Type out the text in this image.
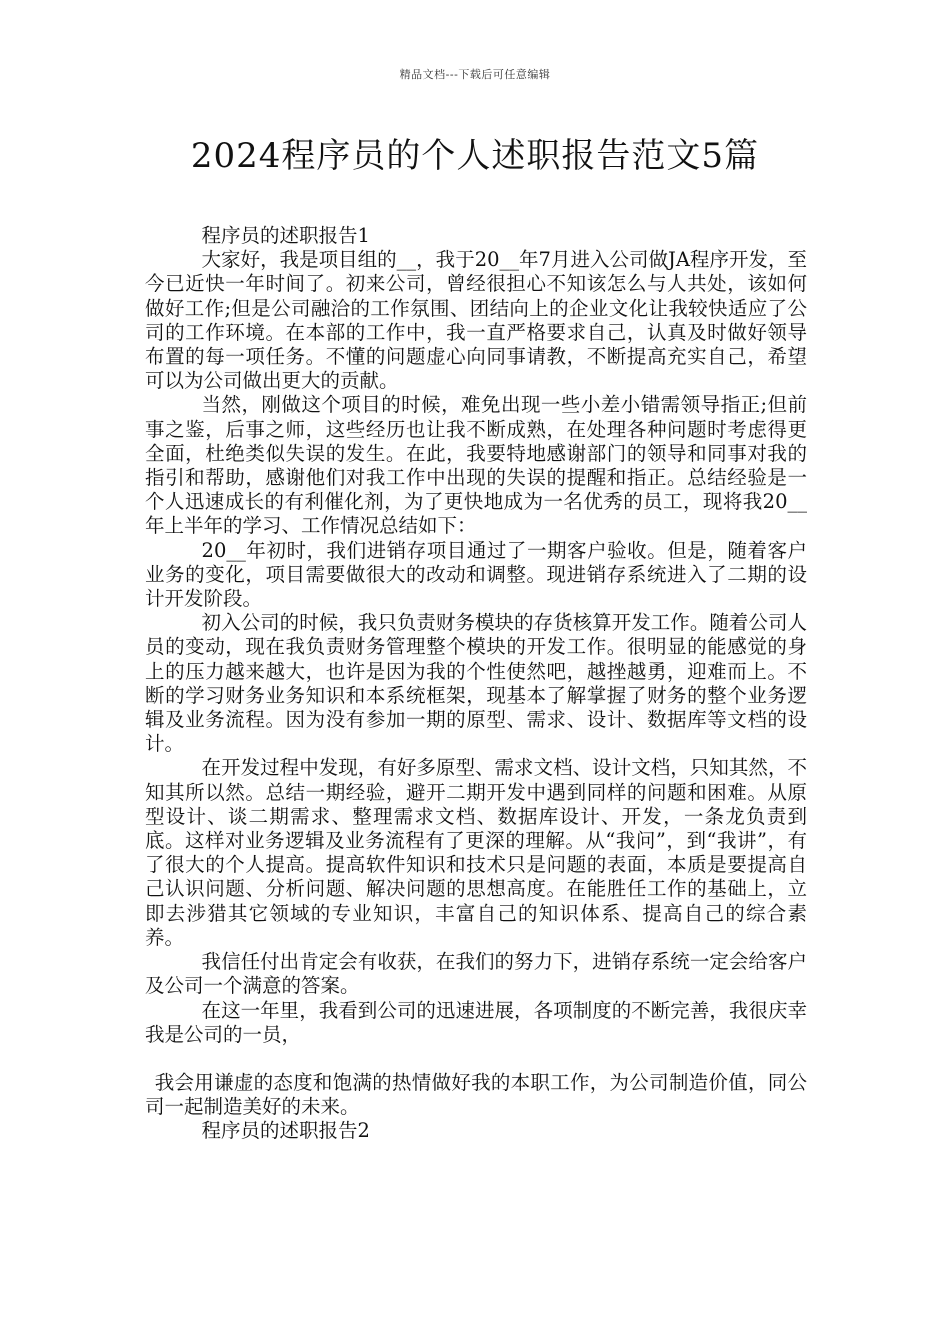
精品文档---下载后可任意编辑
2024程序员的个人述职报告范文5篇

程序员的述职报告1

大家好，我是项目组的__，我于20__年7月进入公司做JA程序开发，至今已近快一年时间了。初来公司，曾经很担心不知该怎么与人共处，该如何做好工作;但是公司融洽的工作氛围、团结向上的企业文化让我较快适应了公司的工作环境。在本部的工作中，我一直严格要求自己，认真及时做好领导布置的每一项任务。不懂的问题虚心向同事请教，不断提高充实自己，希望可以为公司做出更大的贡献。

当然，刚做这个项目的时候，难免出现一些小差小错需领导指正;但前事之鉴，后事之师，这些经历也让我不断成熟，在处理各种问题时考虑得更全面，杜绝类似失误的发生。在此，我要特地感谢部门的领导和同事对我的指引和帮助，感谢他们对我工作中出现的失误的提醒和指正。总结经验是一个人迅速成长的有利催化剂，为了更快地成为一名优秀的员工，现将我20__年上半年的学习、工作情况总结如下：

20__年初时，我们进销存项目通过了一期客户验收。但是，随着客户业务的变化，项目需要做很大的改动和调整。现进销存系统进入了二期的设计开发阶段。

初入公司的时候，我只负责财务模块的存货核算开发工作。随着公司人员的变动，现在我负责财务管理整个模块的开发工作。很明显的能感觉的身上的压力越来越大，也许是因为我的个性使然吧，越挫越勇，迎难而上。不断的学习财务业务知识和本系统框架，现基本了解掌握了财务的整个业务逻辑及业务流程。因为没有参加一期的原型、需求、设计、数据库等文档的设计。

在开发过程中发现，有好多原型、需求文档、设计文档，只知其然，不知其所以然。总结一期经验，避开二期开发中遇到同样的问题和困难。从原型设计、谈二期需求、整理需求文档、数据库设计、开发，一条龙负责到底。这样对业务逻辑及业务流程有了更深的理解。从“我问”，到“我讲”，有了很大的个人提高。提高软件知识和技术只是问题的表面，本质是要提高自己认识问题、分析问题、解决问题的思想高度。在能胜任工作的基础上，立即去涉猎其它领域的专业知识，丰富自己的知识体系、提高自己的综合素养。

我信任付出肯定会有收获，在我们的努力下，进销存系统一定会给客户及公司一个满意的答案。

在这一年里，我看到公司的迅速进展，各项制度的不断完善，我很庆幸我是公司的一员，

我会用谦虚的态度和饱满的热情做好我的本职工作，为公司制造价值，同公司一起制造美好的未来。

程序员的述职报告2
